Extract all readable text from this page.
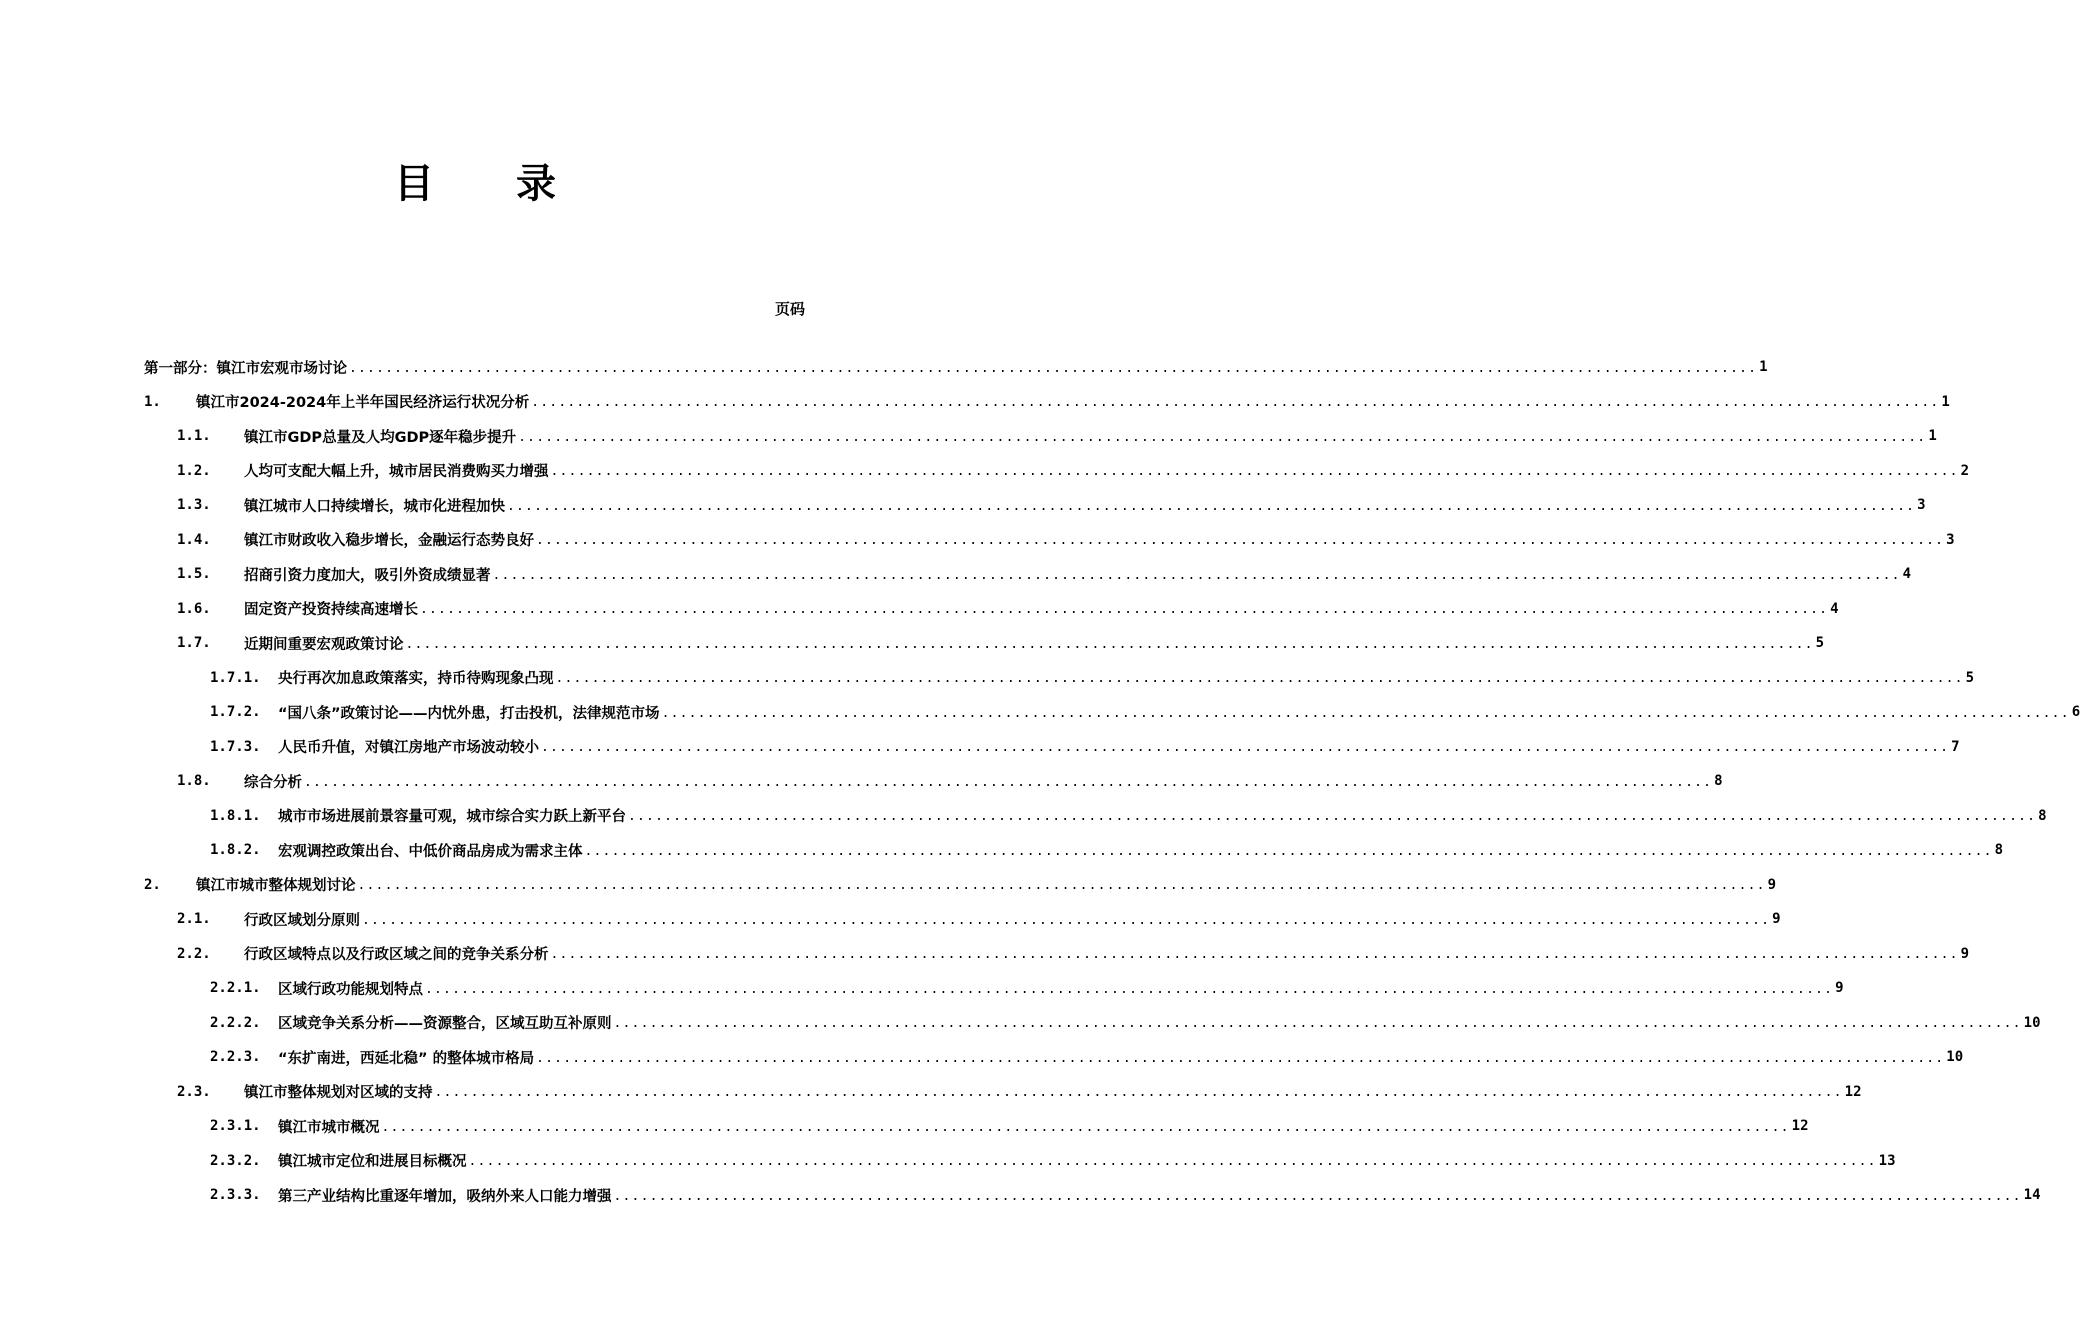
目 录
页码
第一部分：镇江市宏观市场讨论 .....	1
1.	镇江市2024-2024年上半年国民经济运行状况分析 .....	1
1.1.	镇江市GDP总量及人均GDP逐年稳步提升 .....	1
1.2.	人均可支配大幅上升，城市居民消费购买力增强 .....	2
1.3.	镇江城市人口持续增长，城市化进程加快 .....	3
1.4.	镇江市财政收入稳步增长，金融运行态势良好 .....	3
1.5.	招商引资力度加大，吸引外资成绩显著 .....	4
1.6.	固定资产投资持续高速增长 .....	4
1.7.	近期间重要宏观政策讨论 .....	5
1.7.1.	央行再次加息政策落实，持币待购现象凸现 .....	5
1.7.2.	“国八条”政策讨论——内忧外患，打击投机，法律规范市场 .....	6
1.7.3.	人民币升值，对镇江房地产市场波动较小 .....	7
1.8.	综合分析 .....	8
1.8.1.	城市市场进展前景容量可观，城市综合实力跃上新平台 .....	8
1.8.2.	宏观调控政策出台、中低价商品房成为需求主体 .....	8
2.	镇江市城市整体规划讨论 .....	9
2.1.	行政区域划分原则 .....	9
2.2.	行政区域特点以及行政区域之间的竞争关系分析 .....	9
2.2.1.	区域行政功能规划特点 .....	9
2.2.2.	区域竞争关系分析——资源整合，区域互助互补原则 .....	10
2.2.3.	“东扩南进，西延北稳” 的整体城市格局 .....	10
2.3.	镇江市整体规划对区域的支持 .....	12
2.3.1.	镇江市城市概况 .....	12
2.3.2.	镇江城市定位和进展目标概况 .....	13
2.3.3.	第三产业结构比重逐年增加，吸纳外来人口能力增强 .....	14
